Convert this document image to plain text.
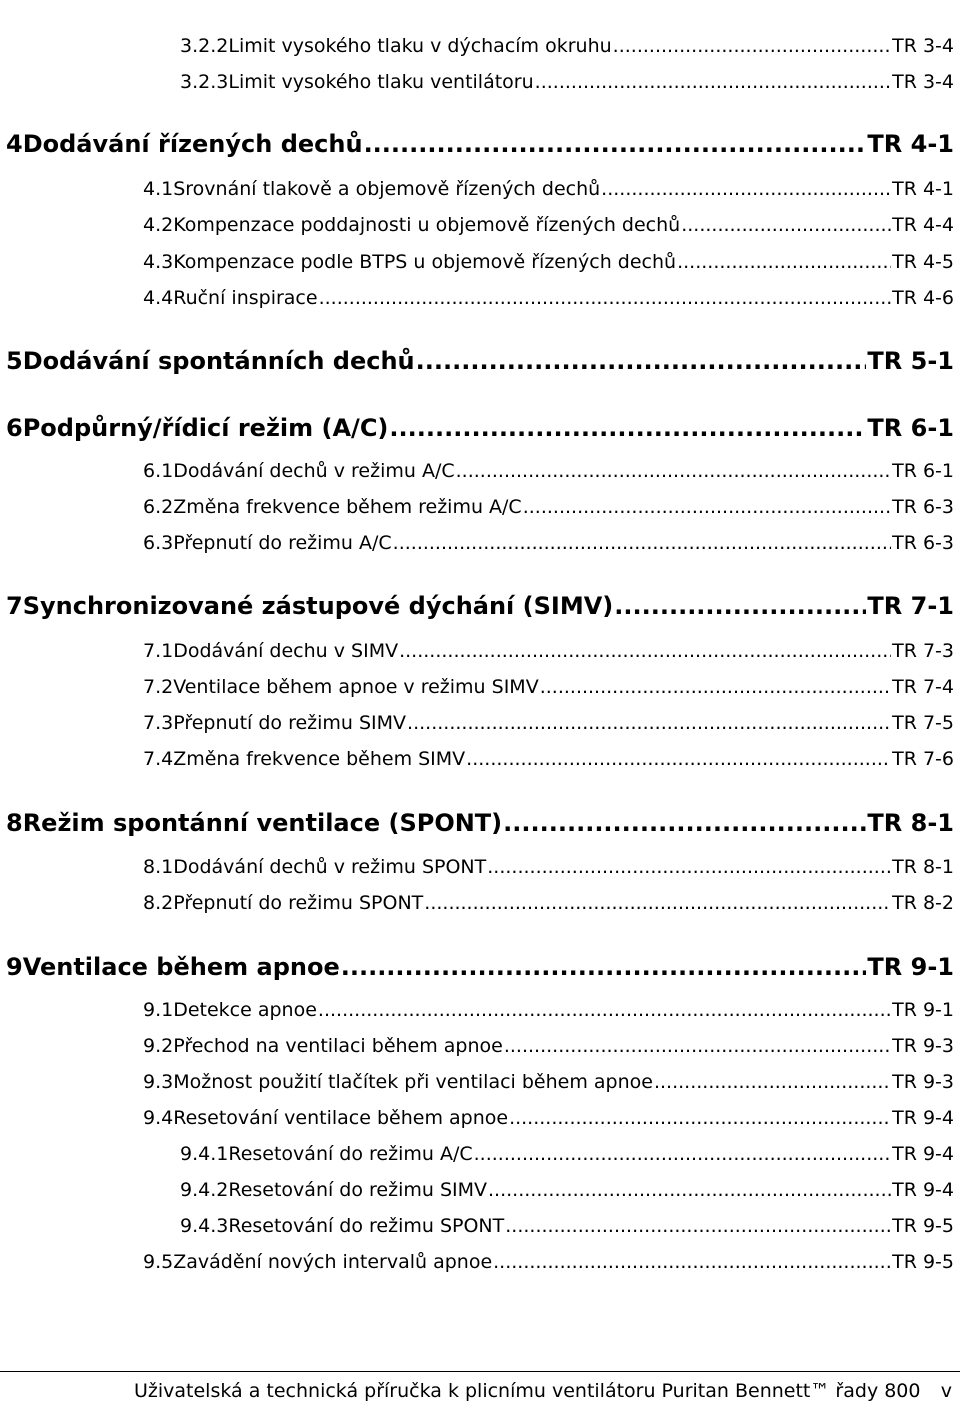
3.2.2 Limit vysokého tlaku v dýchacím okruhu .....	TR 3-4
3.2.3 Limit vysokého tlaku ventilátoru .....	TR 3-4
4 Dodávání řízených dechů .....	TR 4-1
4.1 Srovnání tlakově a objemově řízených dechů .....	TR 4-1
4.2 Kompenzace poddajnosti u objemově řízených dechů .....	TR 4-4
4.3 Kompenzace podle BTPS u objemově řízených dechů .....	TR 4-5
4.4 Ruční inspirace .....	TR 4-6
5 Dodávání spontánních dechů .....	TR 5-1
6 Podpůrný/řídicí režim (A/C) .....	TR 6-1
6.1 Dodávání dechů v režimu A/C .....	TR 6-1
6.2 Změna frekvence během režimu A/C .....	TR 6-3
6.3 Přepnutí do režimu A/C .....	TR 6-3
7 Synchronizované zástupové dýchání (SIMV) .....	TR 7-1
7.1 Dodávání dechu v SIMV .....	TR 7-3
7.2 Ventilace během apnoe v režimu SIMV .....	TR 7-4
7.3 Přepnutí do režimu SIMV .....	TR 7-5
7.4 Změna frekvence během SIMV .....	TR 7-6
8 Režim spontánní ventilace (SPONT) .....	TR 8-1
8.1 Dodávání dechů v režimu SPONT .....	TR 8-1
8.2 Přepnutí do režimu SPONT .....	TR 8-2
9 Ventilace během apnoe .....	TR 9-1
9.1 Detekce apnoe .....	TR 9-1
9.2 Přechod na ventilaci během apnoe .....	TR 9-3
9.3 Možnost použití tlačítek při ventilaci během apnoe .....	TR 9-3
9.4 Resetování ventilace během apnoe .....	TR 9-4
9.4.1 Resetování do režimu A/C .....	TR 9-4
9.4.2 Resetování do režimu SIMV .....	TR 9-4
9.4.3 Resetování do režimu SPONT .....	TR 9-5
9.5 Zavádění nových intervalů apnoe .....	TR 9-5
Uživatelská a technická příručka k plicnímu ventilátoru Puritan Bennett™ řady 800 v
